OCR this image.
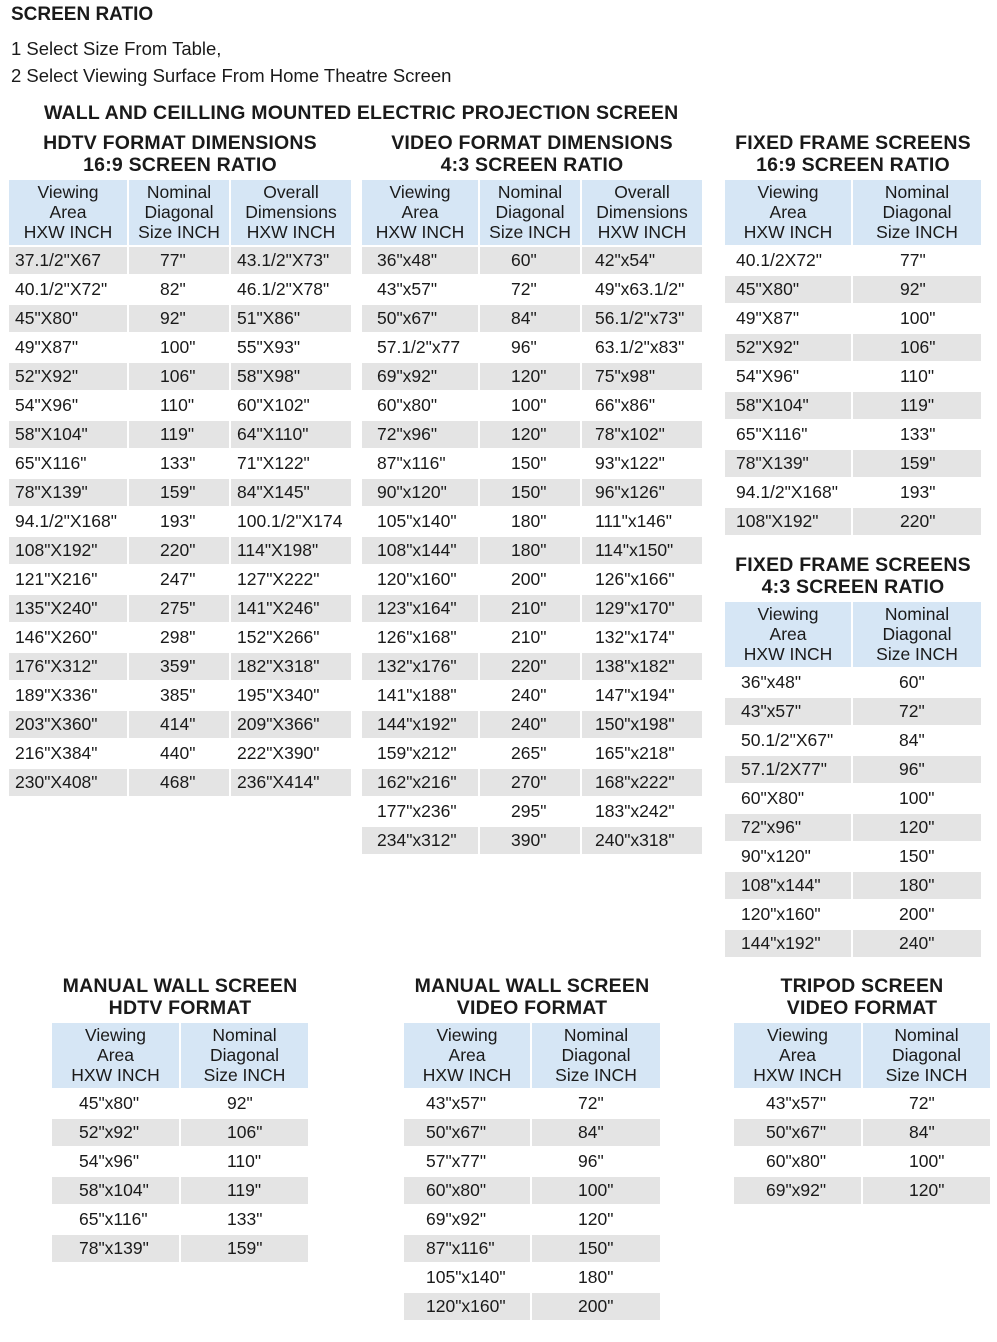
SCREEN RATIO
1 Select Size From Table,
2 Select Viewing Surface From Home Theatre Screen
WALL AND CEILLING MOUNTED ELECTRIC PROJECTION SCREEN
HDTV FORMAT DIMENSIONS
16:9 SCREEN RATIO
Viewing
Area
HXW INCH
Nominal
Diagonal
Size INCH
Overall
Dimensions
HXW INCH
37.1/2"X67	77"	43.1/2"X73"
40.1/2"X72"	82"	46.1/2"X78"
45"X80"	92"	51"X86"
49"X87"	100"	55"X93"
52"X92"	106"	58"X98"
54"X96"	110"	60"X102"
58"X104"	119"	64"X110"
65"X116"	133"	71"X122"
78"X139"	159"	84"X145"
94.1/2"X168"	193"	100.1/2"X174
108"X192"	220"	114"X198"
121"X216"	247"	127"X222"
135"X240"	275"	141"X246"
146"X260"	298"	152"X266"
176"X312"	359"	182"X318"
189"X336"	385"	195"X340"
203"X360"	414"	209"X366"
216"X384"	440"	222"X390"
230"X408"	468"	236"X414"
VIDEO FORMAT DIMENSIONS
4:3 SCREEN RATIO
Viewing
Area
HXW INCH
Nominal
Diagonal
Size INCH
Overall
Dimensions
HXW INCH
36"x48"	60"	42"x54"
43"x57"	72"	49"x63.1/2"
50"x67"	84"	56.1/2"x73"
57.1/2"x77	96"	63.1/2"x83"
69"x92"	120"	75"x98"
60"x80"	100"	66"x86"
72"x96"	120"	78"x102"
87"x116"	150"	93"x122"
90"x120"	150"	96"x126"
105"x140"	180"	111"x146"
108"x144"	180"	114"x150"
120"x160"	200"	126"x166"
123"x164"	210"	129"x170"
126"x168"	210"	132"x174"
132"x176"	220"	138"x182"
141"x188"	240"	147"x194"
144"x192"	240"	150"x198"
159"x212"	265"	165"x218"
162"x216"	270"	168"x222"
177"x236"	295"	183"x242"
234"x312"	390"	240"x318"
FIXED FRAME SCREENS
16:9 SCREEN RATIO
Viewing
Area
HXW INCH
Nominal
Diagonal
Size INCH
40.1/2X72"	77"
45"X80"	92"
49"X87"	100"
52"X92"	106"
54"X96"	110"
58"X104"	119"
65"X116"	133"
78"X139"	159"
94.1/2"X168"	193"
108"X192"	220"
FIXED FRAME SCREENS
4:3 SCREEN RATIO
Viewing
Area
HXW INCH
Nominal
Diagonal
Size INCH
36"x48"	60"
43"x57"	72"
50.1/2"X67"	84"
57.1/2X77"	96"
60"X80"	100"
72"x96"	120"
90"x120"	150"
108"x144"	180"
120"x160"	200"
144"x192"	240"
MANUAL WALL SCREEN
HDTV FORMAT
Viewing
Area
HXW INCH
Nominal
Diagonal
Size INCH
45"x80"	92"
52"x92"	106"
54"x96"	110"
58"x104"	119"
65"x116"	133"
78"x139"	159"
MANUAL WALL SCREEN
VIDEO FORMAT
Viewing
Area
HXW INCH
Nominal
Diagonal
Size INCH
43"x57"	72"
50"x67"	84"
57"x77"	96"
60"x80"	100"
69"x92"	120"
87"x116"	150"
105"x140"	180"
120"x160"	200"
TRIPOD SCREEN
VIDEO FORMAT
Viewing
Area
HXW INCH
Nominal
Diagonal
Size INCH
43"x57"	72"
50"x67"	84"
60"x80"	100"
69"x92"	120"
